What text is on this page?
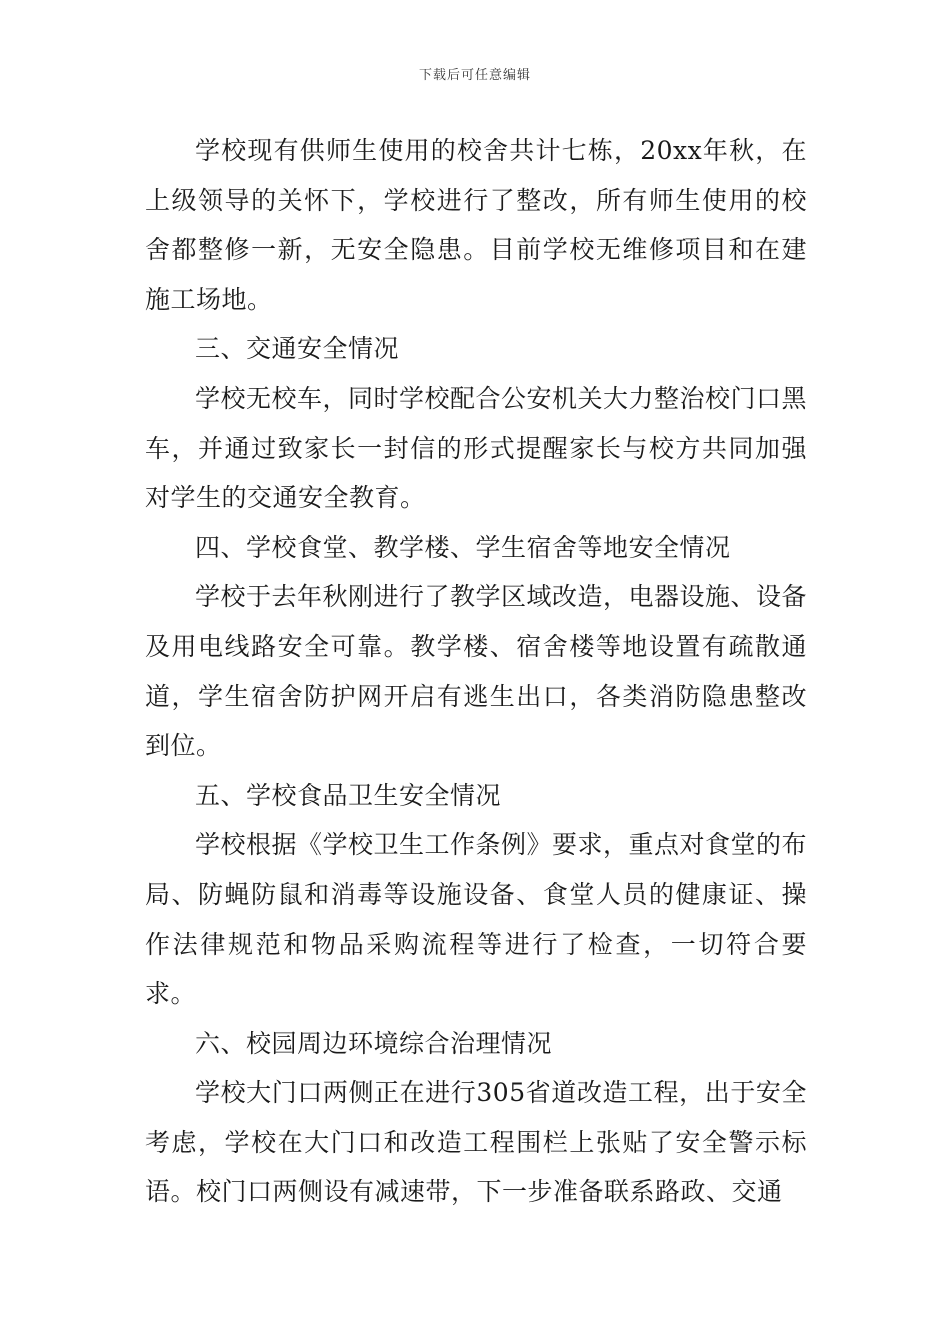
下载后可任意编辑

学校现有供师生使用的校舍共计七栋，20xx年秋，在上级领导的关怀下，学校进行了整改，所有师生使用的校舍都整修一新，无安全隐患。目前学校无维修项目和在建施工场地。

三、交通安全情况

学校无校车，同时学校配合公安机关大力整治校门口黑车，并通过致家长一封信的形式提醒家长与校方共同加强对学生的交通安全教育。

四、学校食堂、教学楼、学生宿舍等地安全情况

学校于去年秋刚进行了教学区域改造，电器设施、设备及用电线路安全可靠。教学楼、宿舍楼等地设置有疏散通道，学生宿舍防护网开启有逃生出口，各类消防隐患整改到位。

五、学校食品卫生安全情况

学校根据《学校卫生工作条例》要求，重点对食堂的布局、防蝇防鼠和消毒等设施设备、食堂人员的健康证、操作法律规范和物品采购流程等进行了检查，一切符合要求。

六、校园周边环境综合治理情况

学校大门口两侧正在进行305省道改造工程，出于安全考虑，学校在大门口和改造工程围栏上张贴了安全警示标语。校门口两侧设有减速带，下一步准备联系路政、交通
